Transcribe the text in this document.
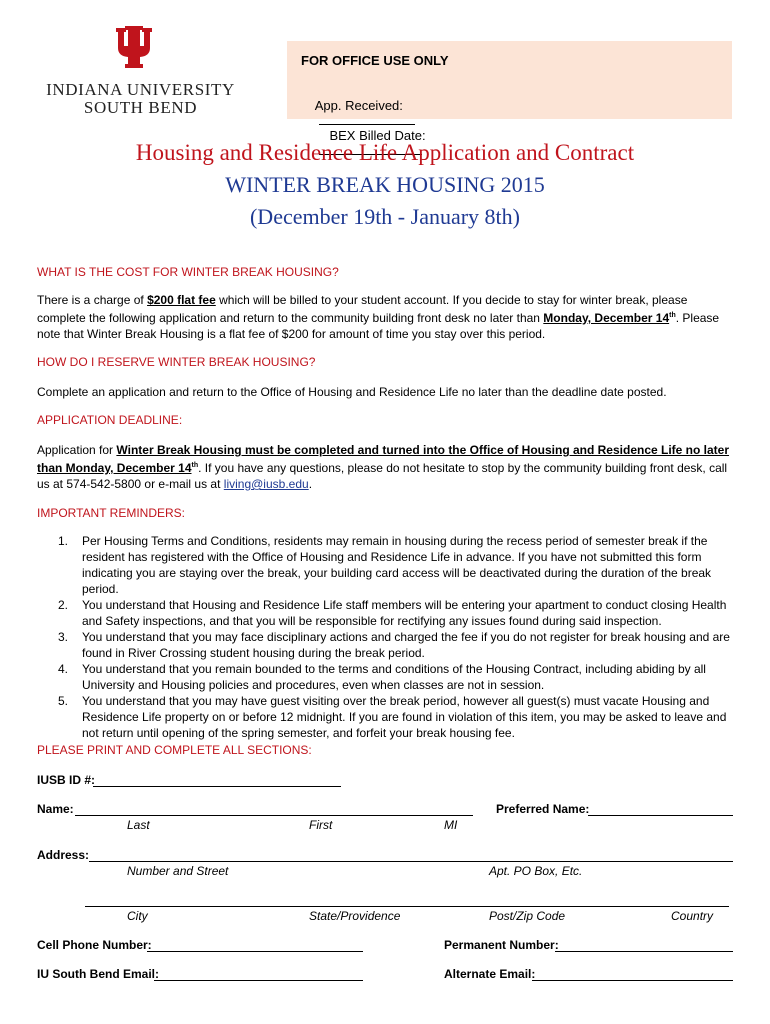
INDIANA UNIVERSITY
SOUTH BEND
FOR OFFICE USE ONLY

App. Received:

BEX Billed Date:

Housing and Residence Life Application and Contract
WINTER BREAK HOUSING 2015
(December 19th - January 8th)
WHAT IS THE COST FOR WINTER BREAK HOUSING?
There is a charge of $200 flat fee which will be billed to your student account. If you decide to stay for winter break, please complete the following application and return to the community building front desk no later than Monday, December 14th. Please note that Winter Break Housing is a flat fee of $200 for amount of time you stay over this period.
HOW DO I RESERVE WINTER BREAK HOUSING?
Complete an application and return to the Office of Housing and Residence Life no later than the deadline date posted.
APPLICATION DEADLINE:
Application for Winter Break Housing must be completed and turned into the Office of Housing and Residence Life no later than Monday, December 14th. If you have any questions, please do not hesitate to stop by the community building front desk, call us at 574-542-5800 or e-mail us at living@iusb.edu.
IMPORTANT REMINDERS:

1. Per Housing Terms and Conditions, residents may remain in housing during the recess period of semester break if the resident has registered with the Office of Housing and Residence Life in advance. If you have not submitted this form indicating you are staying over the break, your building card access will be deactivated during the duration of the break period.

2. You understand that Housing and Residence Life staff members will be entering your apartment to conduct closing Health and Safety inspections, and that you will be responsible for rectifying any issues found during said inspection.

3. You understand that you may face disciplinary actions and charged the fee if you do not register for break housing and are found in River Crossing student housing during the break period.

4. You understand that you remain bounded to the terms and conditions of the Housing Contract, including abiding by all University and Housing policies and procedures, even when classes are not in session.

5. You understand that you may have guest visiting over the break period, however all guest(s) must vacate Housing and Residence Life property on or before 12 midnight. If you are found in violation of this item, you may be asked to leave and not return until opening of the spring semester, and forfeit your break housing fee.

PLEASE PRINT AND COMPLETE ALL SECTIONS:
IUSB ID #:
Name:	Preferred Name:
Last	First	MI
Address:
Number and Street	Apt. PO Box, Etc.
City	State/Providence	Post/Zip Code	Country
Cell Phone Number:	Permanent Number:
IU South Bend Email:	Alternate Email:
